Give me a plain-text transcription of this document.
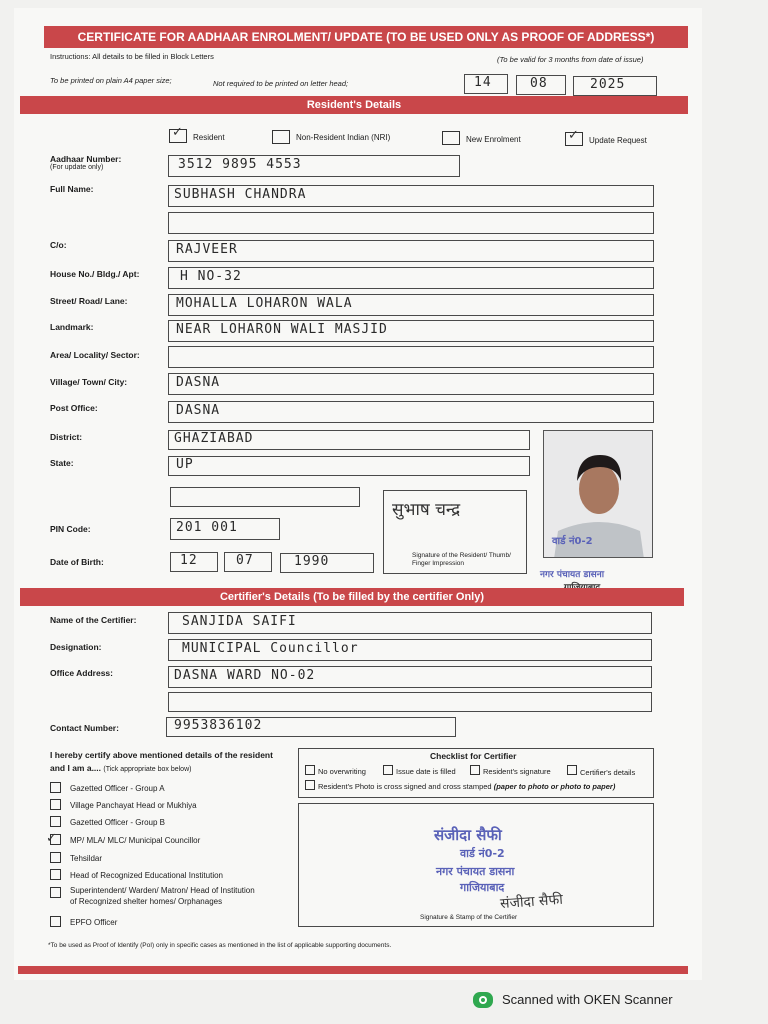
CERTIFICATE FOR AADHAAR ENROLMENT/ UPDATE (TO BE USED ONLY AS PROOF OF ADDRESS*)
Instructions: All details to be filled in Block Letters	(To be valid for 3 months from date of issue)
To be printed on plain A4 paper size;	Not required to be printed on letter head;	14	08	2025
Resident's Details
✓ Resident	Non-Resident Indian (NRI)	New Enrolment	✓ Update Request
Aadhaar Number:
(For update only)	3512 9895 4553
Full Name:	SUBHASH CHANDRA
C/o:	RAJVEER
House No./ Bldg./ Apt:	H NO-32
Street/ Road/ Lane:	MOHALLA LOHARON WALA
Landmark:	NEAR LOHARON WALI MASJID
Area/ Locality/ Sector:
Village/ Town/ City:	DASNA
Post Office:	DASNA
District:	GHAZIABAD
State:	UP
PIN Code:	201 001
Date of Birth:	12	07	1990
सुभाष चन्द्र
Signature of the Resident/ Thumb/ Finger Impression
वार्ड नं0-2
नगर पंचायत डासना
Certifier's Details (To be filled by the certifier Only)
Name of the Certifier:	SANJIDA SAIFI
Designation:	MUNICIPAL Councillor
Office Address:	DASNA WARD NO-02
Contact Number:	9953836102
I hereby certify above mentioned details of the resident
and I am a.... (Tick appropriate box below)
Gazetted Officer - Group A
Village Panchayat Head or Mukhiya
Gazetted Officer - Group B
✓ MP/ MLA/ MLC/ Municipal Councillor
Tehsildar
Head of Recognized Educational Institution
Superintendent/ Warden/ Matron/ Head of Institution
of Recognized shelter homes/ Orphanages
EPFO Officer
Checklist for Certifier
No overwriting	Issue date is filled	Resident's signature	Certifier's details
Resident's Photo is cross signed and cross stamped (paper to photo or photo to paper)
संजीदा सैफी
वार्ड नं0-2
नगर पंचायत डासना
गाजियाबाद
संजीदा सैफी
Signature & Stamp of the Certifier
*To be used as Proof of Identify (PoI) only in specific cases as mentioned in the list of applicable supporting documents.
Scanned with OKEN Scanner
